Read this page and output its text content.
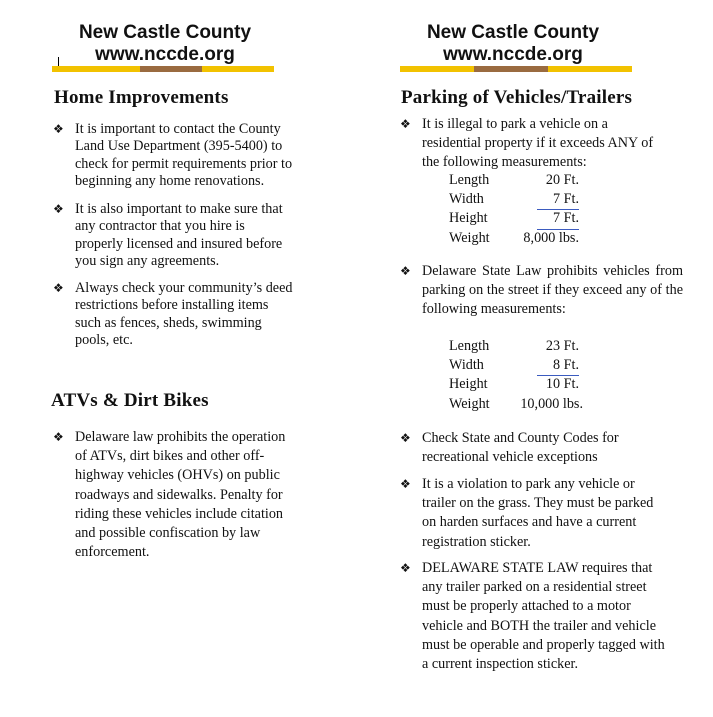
New Castle County
www.nccde.org
Home Improvements
❖ It is important to contact the County Land Use Department (395-5400) to check for permit requirements prior to beginning any home renovations.
❖ It is also important to make sure that any contractor that you hire is properly licensed and insured before you sign any agreements.
❖ Always check your community’s deed restrictions before installing items such as fences, sheds, swimming pools, etc.
ATVs & Dirt Bikes
❖ Delaware law prohibits the operation of ATVs, dirt bikes and other off-highway vehicles (OHVs) on public roadways and sidewalks. Penalty for riding these vehicles include citation and possible confiscation by law enforcement.
New Castle County
www.nccde.org
Parking of Vehicles/Trailers
❖ It is illegal to park a vehicle on a residential property if it exceeds ANY of the following measurements:
Length	20 Ft.
Width	7 Ft.
Height	7 Ft.
Weight 8,000 lbs.
❖ Delaware State Law prohibits vehicles from parking on the street if they exceed any of the following measurements:
Length	23 Ft.
Width	8 Ft.
Height	10 Ft.
Weight 10,000 lbs.
❖ Check State and County Codes for recreational vehicle exceptions
❖ It is a violation to park any vehicle or trailer on the grass. They must be parked on harden surfaces and have a current registration sticker.
❖ DELAWARE STATE LAW requires that any trailer parked on a residential street must be properly attached to a motor vehicle and BOTH the trailer and vehicle must be operable and properly tagged with a current inspection sticker.
